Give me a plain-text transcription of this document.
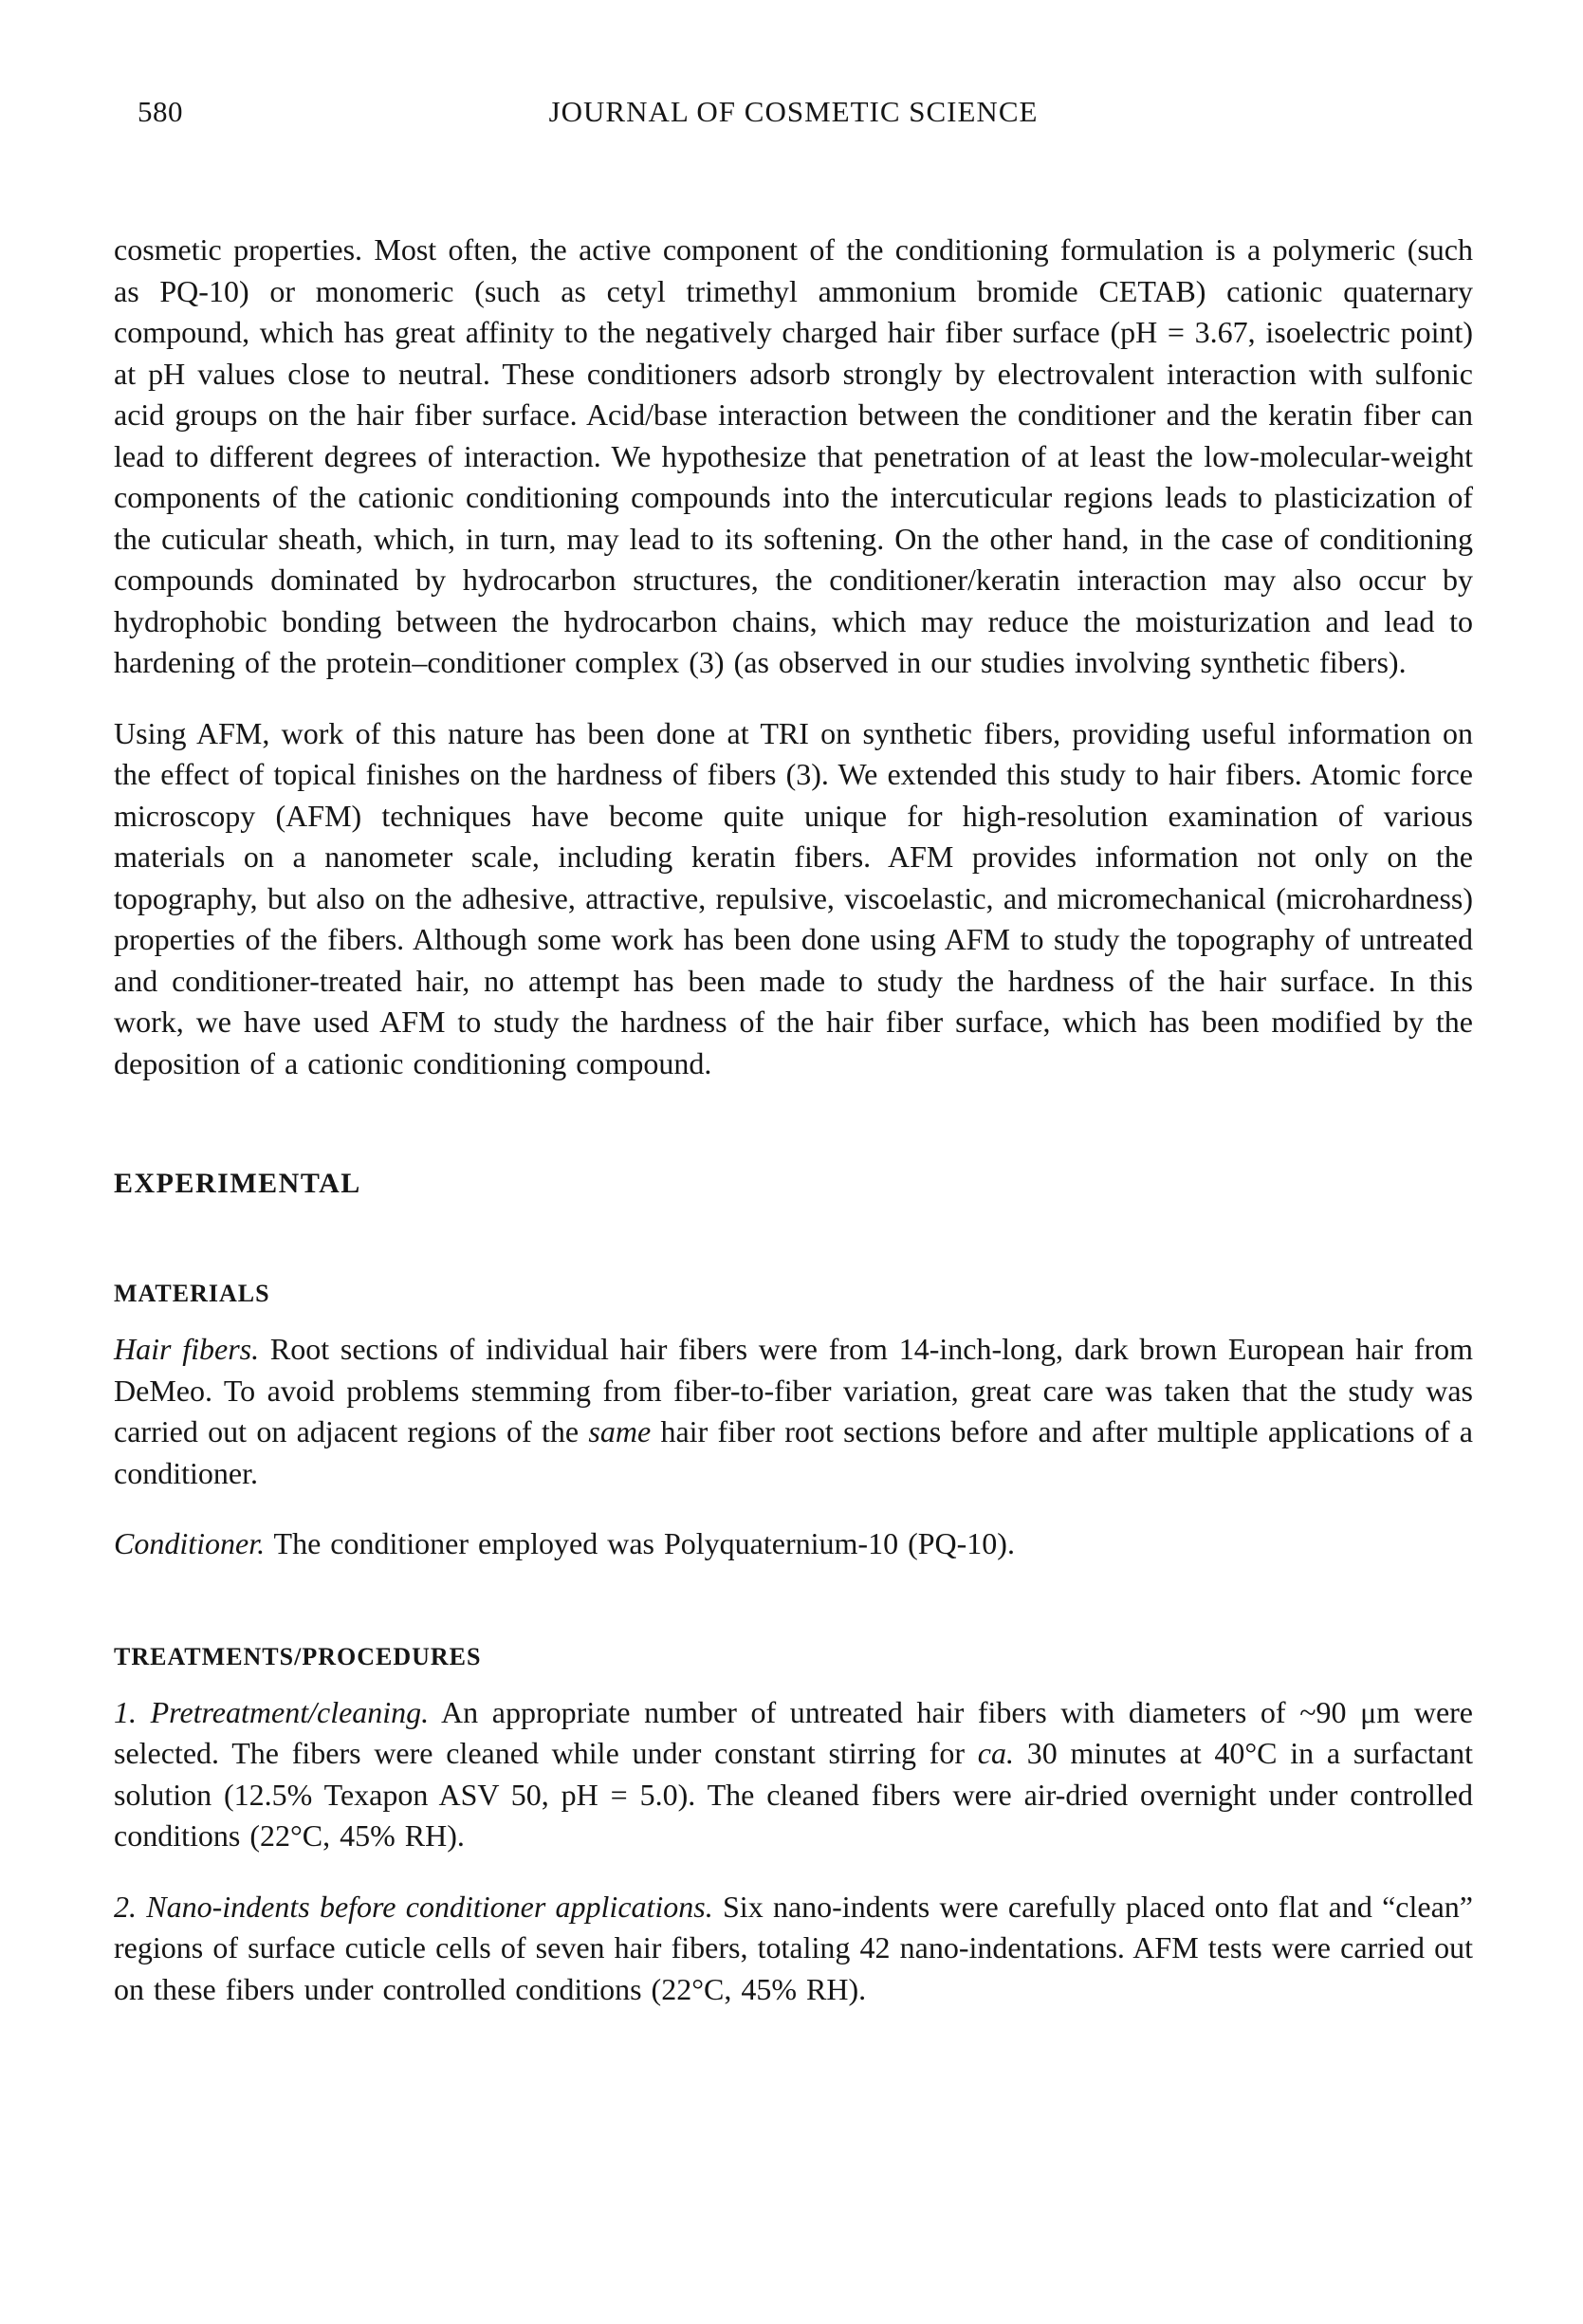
580	JOURNAL OF COSMETIC SCIENCE

cosmetic properties. Most often, the active component of the conditioning formulation is a polymeric (such as PQ-10) or monomeric (such as cetyl trimethyl ammonium bromide CETAB) cationic quaternary compound, which has great affinity to the negatively charged hair fiber surface (pH = 3.67, isoelectric point) at pH values close to neutral. These conditioners adsorb strongly by electrovalent interaction with sulfonic acid groups on the hair fiber surface. Acid/base interaction between the conditioner and the keratin fiber can lead to different degrees of interaction. We hypothesize that penetration of at least the low-molecular-weight components of the cationic conditioning compounds into the intercuticular regions leads to plasticization of the cuticular sheath, which, in turn, may lead to its softening. On the other hand, in the case of conditioning compounds dominated by hydrocarbon structures, the conditioner/keratin interaction may also occur by hydrophobic bonding between the hydrocarbon chains, which may reduce the moisturization and lead to hardening of the protein–conditioner complex (3) (as observed in our studies involving synthetic fibers).

Using AFM, work of this nature has been done at TRI on synthetic fibers, providing useful information on the effect of topical finishes on the hardness of fibers (3). We extended this study to hair fibers. Atomic force microscopy (AFM) techniques have become quite unique for high-resolution examination of various materials on a nanometer scale, including keratin fibers. AFM provides information not only on the topography, but also on the adhesive, attractive, repulsive, viscoelastic, and micromechanical (microhardness) properties of the fibers. Although some work has been done using AFM to study the topography of untreated and conditioner-treated hair, no attempt has been made to study the hardness of the hair surface. In this work, we have used AFM to study the hardness of the hair fiber surface, which has been modified by the deposition of a cationic conditioning compound.

EXPERIMENTAL
MATERIALS

Hair fibers. Root sections of individual hair fibers were from 14-inch-long, dark brown European hair from DeMeo. To avoid problems stemming from fiber-to-fiber variation, great care was taken that the study was carried out on adjacent regions of the same hair fiber root sections before and after multiple applications of a conditioner.

Conditioner. The conditioner employed was Polyquaternium-10 (PQ-10).

TREATMENTS/PROCEDURES

1. Pretreatment/cleaning. An appropriate number of untreated hair fibers with diameters of ~90 μm were selected. The fibers were cleaned while under constant stirring for ca. 30 minutes at 40°C in a surfactant solution (12.5% Texapon ASV 50, pH = 5.0). The cleaned fibers were air-dried overnight under controlled conditions (22°C, 45% RH).

2. Nano-indents before conditioner applications. Six nano-indents were carefully placed onto flat and “clean” regions of surface cuticle cells of seven hair fibers, totaling 42 nano-indentations. AFM tests were carried out on these fibers under controlled conditions (22°C, 45% RH).
